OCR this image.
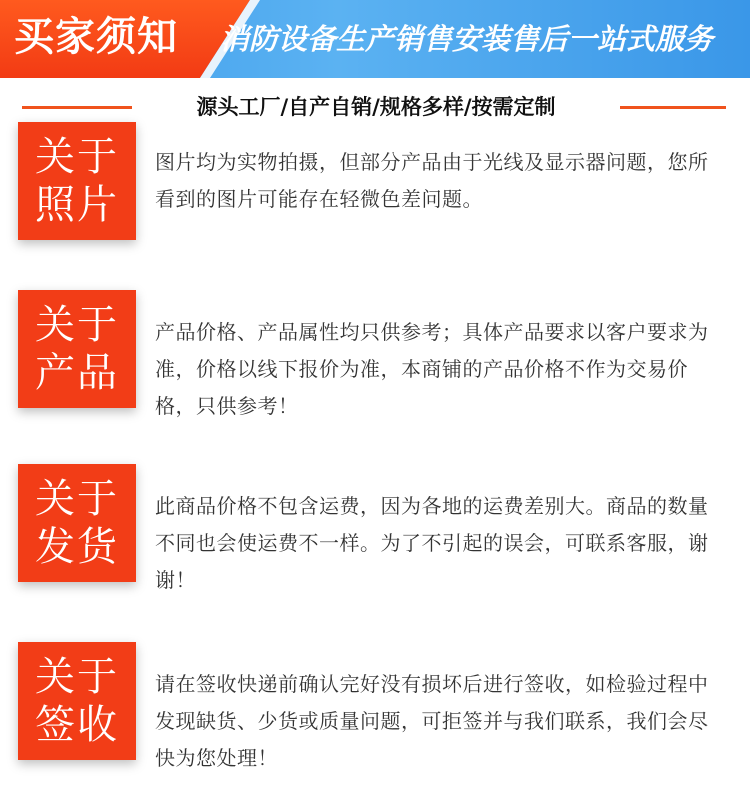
买家须知 消防设备生产销售安装售后一站式服务
源头工厂/自产自销/规格多样/按需定制
关于
照片
图片均为实物拍摄，但部分产品由于光线及显示器问题，您所看到的图片可能存在轻微色差问题。
关于
产品
产品价格、产品属性均只供参考；具体产品要求以客户要求为准，价格以线下报价为准，本商铺的产品价格不作为交易价格，只供参考！
关于
发货
此商品价格不包含运费，因为各地的运费差别大。商品的数量不同也会使运费不一样。为了不引起的误会，可联系客服，谢谢！
关于
签收
请在签收快递前确认完好没有损坏后进行签收，如检验过程中发现缺货、少货或质量问题，可拒签并与我们联系，我们会尽快为您处理！
